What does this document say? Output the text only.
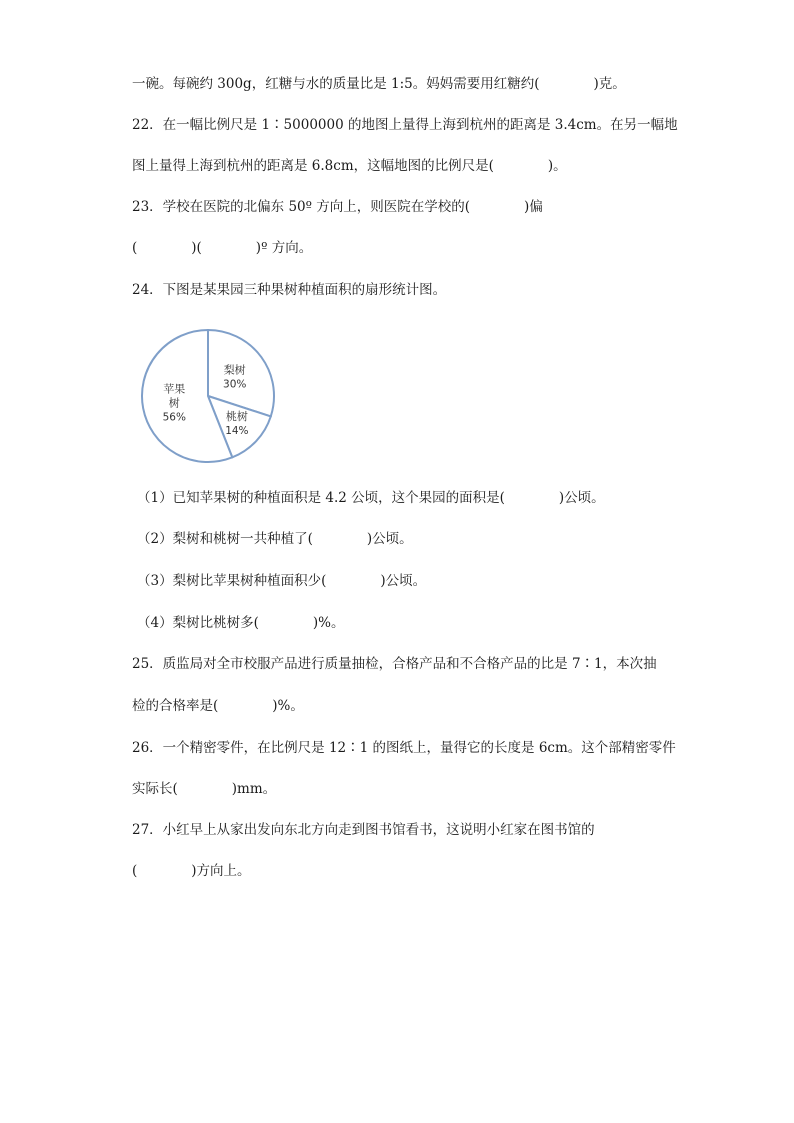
一碗。每碗约 300g，红糖与水的质量比是 1:5。妈妈需要用红糖约(　　　　)克。
22．在一幅比例尺是 1∶5000000 的地图上量得上海到杭州的距离是 3.4cm。在另一幅地
图上量得上海到杭州的距离是 6.8cm，这幅地图的比例尺是(　　　　)。
23．学校在医院的北偏东 50º 方向上，则医院在学校的(　　　　)偏
(　　　　)(　　　　)º 方向。
24．下图是某果园三种果树种植面积的扇形统计图。
梨树
30%
桃树
14%
苹果
树
56%
（1）已知苹果树的种植面积是 4.2 公顷，这个果园的面积是(　　　　)公顷。
（2）梨树和桃树一共种植了(　　　　)公顷。
（3）梨树比苹果树种植面积少(　　　　)公顷。
（4）梨树比桃树多(　　　　)%。
25．质监局对全市校服产品进行质量抽检，合格产品和不合格产品的比是 7∶1，本次抽
检的合格率是(　　　　)%。
26．一个精密零件，在比例尺是 12∶1 的图纸上，量得它的长度是 6cm。这个部精密零件
实际长(　　　　)mm。
27．小红早上从家出发向东北方向走到图书馆看书，这说明小红家在图书馆的
(　　　　)方向上。
